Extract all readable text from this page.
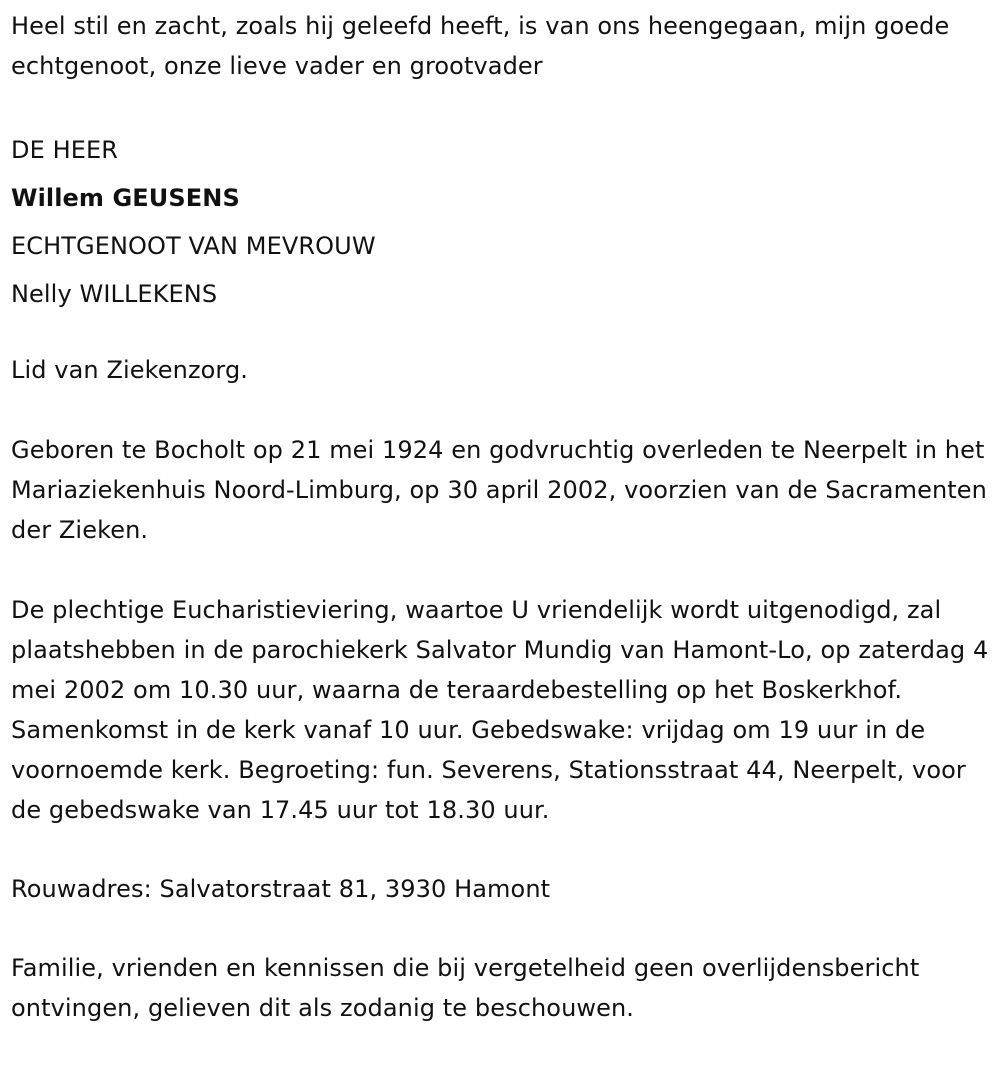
Heel stil en zacht, zoals hij geleefd heeft, is van ons heengegaan, mijn goede echtgenoot, onze lieve vader en grootvader

DE HEER

Willem GEUSENS

ECHTGENOOT VAN MEVROUW

Nelly WILLEKENS

Lid van Ziekenzorg.

Geboren te Bocholt op 21 mei 1924 en godvruchtig overleden te Neerpelt in het Mariaziekenhuis Noord-Limburg, op 30 april 2002, voorzien van de Sacramenten der Zieken.

De plechtige Eucharistieviering, waartoe U vriendelijk wordt uitgenodigd, zal plaatshebben in de parochiekerk Salvator Mundig van Hamont-Lo, op zaterdag 4 mei 2002 om 10.30 uur, waarna de teraardebestelling op het Boskerkhof. Samenkomst in de kerk vanaf 10 uur. Gebedswake: vrijdag om 19 uur in de voornoemde kerk. Begroeting: fun. Severens, Stationsstraat 44, Neerpelt, voor de gebedswake van 17.45 uur tot 18.30 uur.

Rouwadres: Salvatorstraat 81, 3930 Hamont

Familie, vrienden en kennissen die bij vergetelheid geen overlijdensbericht ontvingen, gelieven dit als zodanig te beschouwen.
